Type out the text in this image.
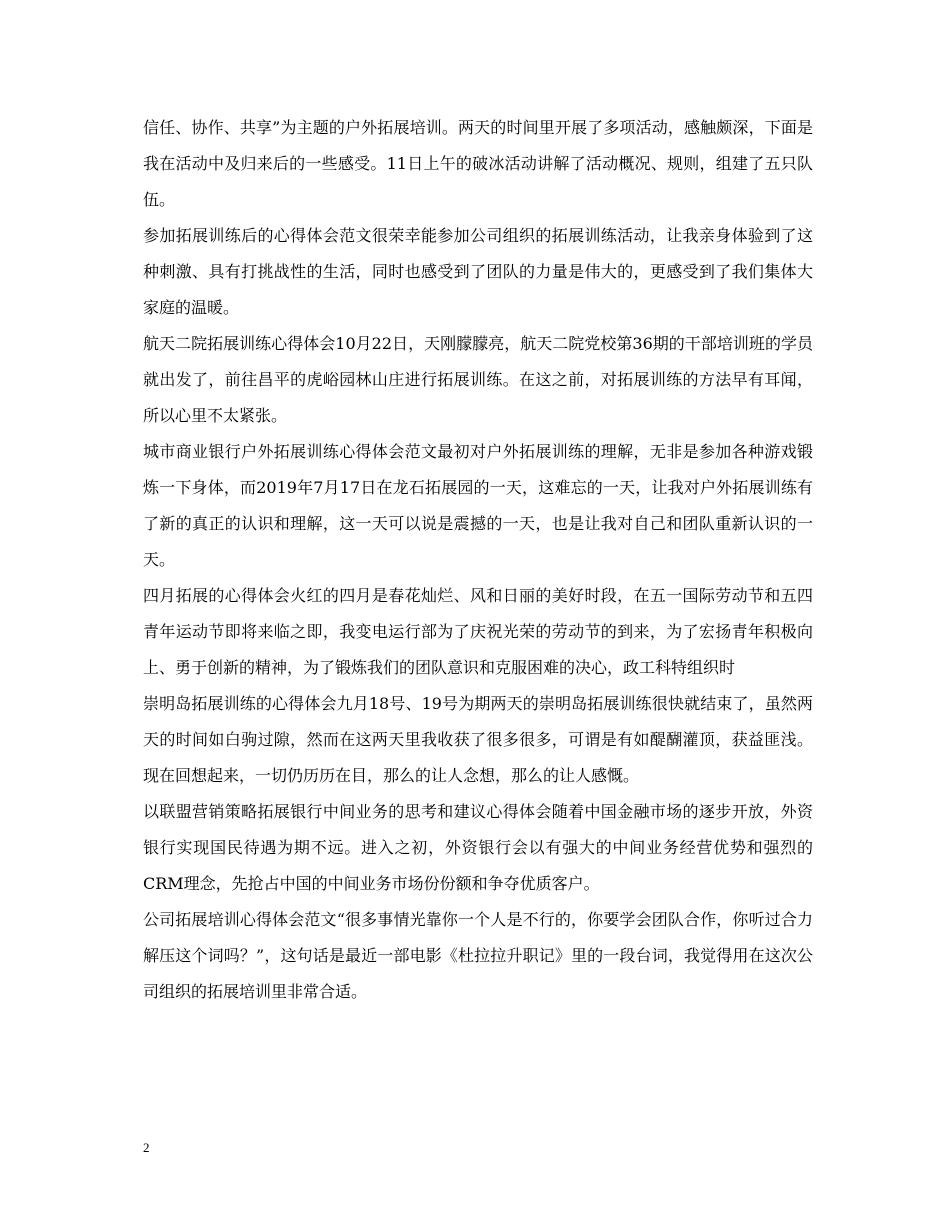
信任、协作、共享”为主题的户外拓展培训。两天的时间里开展了多项活动，感触颇深，下面是我在活动中及归来后的一些感受。11日上午的破冰活动讲解了活动概况、规则，组建了五只队伍。

参加拓展训练后的心得体会范文很荣幸能参加公司组织的拓展训练活动，让我亲身体验到了这种刺激、具有打挑战性的生活，同时也感受到了团队的力量是伟大的，更感受到了我们集体大家庭的温暖。

航天二院拓展训练心得体会10月22日，天刚朦朦亮，航天二院党校第36期的干部培训班的学员就出发了，前往昌平的虎峪园林山庄进行拓展训练。在这之前，对拓展训练的方法早有耳闻，所以心里不太紧张。

城市商业银行户外拓展训练心得体会范文最初对户外拓展训练的理解，无非是参加各种游戏锻炼一下身体，而2019年7月17日在龙石拓展园的一天，这难忘的一天，让我对户外拓展训练有了新的真正的认识和理解，这一天可以说是震撼的一天，也是让我对自己和团队重新认识的一天。

四月拓展的心得体会火红的四月是春花灿烂、风和日丽的美好时段，在五一国际劳动节和五四青年运动节即将来临之即，我变电运行部为了庆祝光荣的劳动节的到来，为了宏扬青年积极向上、勇于创新的精神，为了锻炼我们的团队意识和克服困难的决心，政工科特组织时

崇明岛拓展训练的心得体会九月18号、19号为期两天的崇明岛拓展训练很快就结束了，虽然两天的时间如白驹过隙，然而在这两天里我收获了很多很多，可谓是有如醍醐灌顶，获益匪浅。现在回想起来，一切仍历历在目，那么的让人念想，那么的让人感慨。

以联盟营销策略拓展银行中间业务的思考和建议心得体会随着中国金融市场的逐步开放，外资银行实现国民待遇为期不远。进入之初，外资银行会以有强大的中间业务经营优势和强烈的CRM理念，先抢占中国的中间业务市场份份额和争夺优质客户。

公司拓展培训心得体会范文“很多事情光靠你一个人是不行的，你要学会团队合作，你听过合力解压这个词吗？”，这句话是最近一部电影《杜拉拉升职记》里的一段台词，我觉得用在这次公司组织的拓展培训里非常合适。

2
